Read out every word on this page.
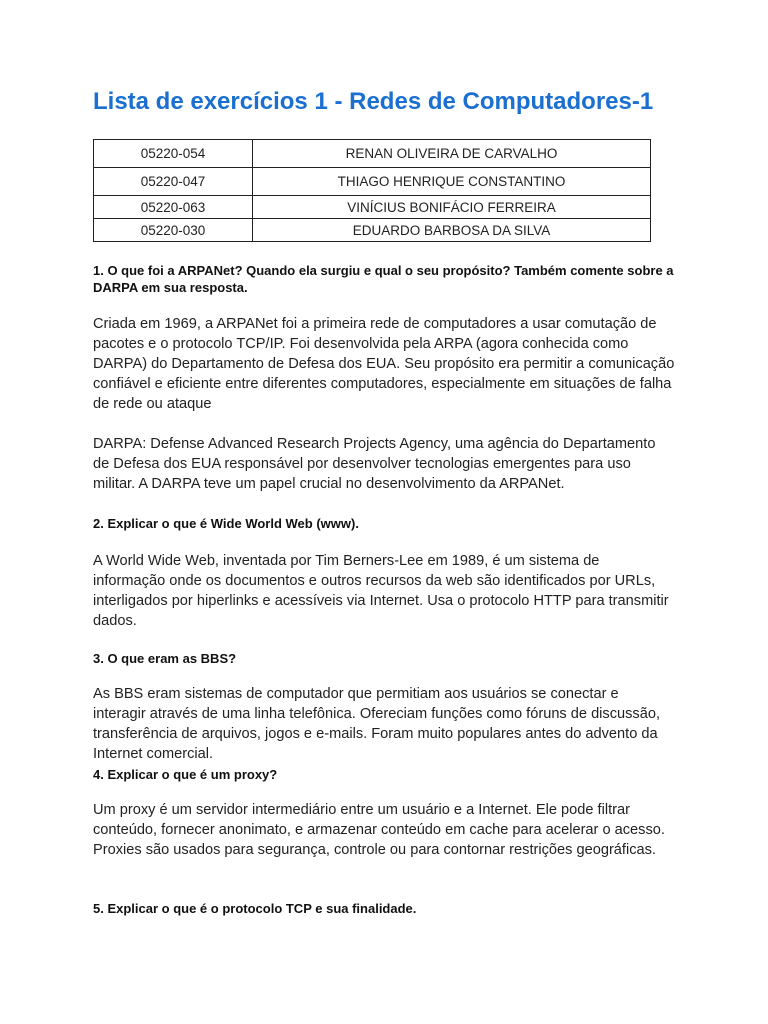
Lista de exercícios 1 - Redes de Computadores-1
05220-054	RENAN OLIVEIRA DE CARVALHO
05220-047	THIAGO HENRIQUE CONSTANTINO
05220-063	VINÍCIUS BONIFÁCIO FERREIRA
05220-030	EDUARDO BARBOSA DA SILVA
1. O que foi a ARPANet? Quando ela surgiu e qual o seu propósito? Também comente sobre a DARPA em sua resposta.
Criada em 1969, a ARPANet foi a primeira rede de computadores a usar comutação de pacotes e o protocolo TCP/IP. Foi desenvolvida pela ARPA (agora conhecida como DARPA) do Departamento de Defesa dos EUA. Seu propósito era permitir a comunicação confiável e eficiente entre diferentes computadores, especialmente em situações de falha de rede ou ataque
DARPA: Defense Advanced Research Projects Agency, uma agência do Departamento de Defesa dos EUA responsável por desenvolver tecnologias emergentes para uso militar. A DARPA teve um papel crucial no desenvolvimento da ARPANet.
2. Explicar o que é Wide World Web (www).
A World Wide Web, inventada por Tim Berners-Lee em 1989, é um sistema de informação onde os documentos e outros recursos da web são identificados por URLs, interligados por hiperlinks e acessíveis via Internet. Usa o protocolo HTTP para transmitir dados.
3. O que eram as BBS?
As BBS eram sistemas de computador que permitiam aos usuários se conectar e interagir através de uma linha telefônica. Ofereciam funções como fóruns de discussão, transferência de arquivos, jogos e e-mails. Foram muito populares antes do advento da Internet comercial.
4. Explicar o que é um proxy?
Um proxy é um servidor intermediário entre um usuário e a Internet. Ele pode filtrar conteúdo, fornecer anonimato, e armazenar conteúdo em cache para acelerar o acesso. Proxies são usados para segurança, controle ou para contornar restrições geográficas.
5. Explicar o que é o protocolo TCP e sua finalidade.
